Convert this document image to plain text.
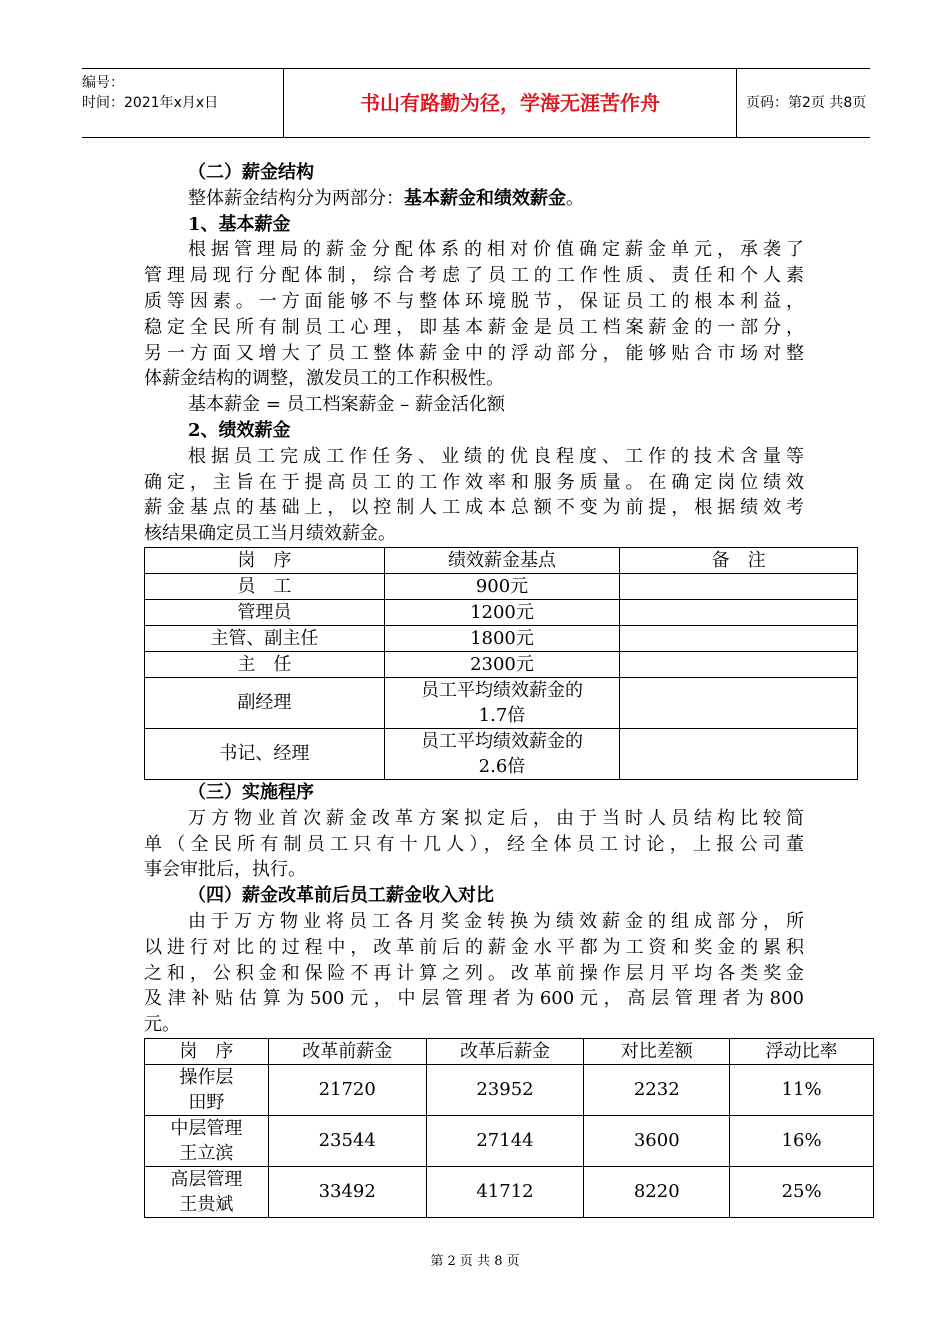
编号：
时间：2021年x月x日	书山有路勤为径，学海无涯苦作舟	页码：第2页 共8页
（二）薪金结构
整体薪金结构分为两部分：基本薪金和绩效薪金。
1、基本薪金
根据管理局的薪金分配体系的相对价值确定薪金单元，承袭了
管理局现行分配体制，综合考虑了员工的工作性质、责任和个人素
质等因素。一方面能够不与整体环境脱节，保证员工的根本利益，
稳定全民所有制员工心理，即基本薪金是员工档案薪金的一部分，
另一方面又增大了员工整体薪金中的浮动部分，能够贴合市场对整
体薪金结构的调整，激发员工的工作积极性。
基本薪金 = 员工档案薪金 – 薪金活化额
2、绩效薪金
根据员工完成工作任务、业绩的优良程度、工作的技术含量等
确定，主旨在于提高员工的工作效率和服务质量。在确定岗位绩效
薪金基点的基础上，以控制人工成本总额不变为前提，根据绩效考
核结果确定员工当月绩效薪金。
岗　序	绩效薪金基点	备　注
员　工	900元	
管理员	1200元	
主管、副主任	1800元	
主　任	2300元	
副经理	员工平均绩效薪金的
1.7倍	

书记、经理	员工平均绩效薪金的
2.6倍	

（三）实施程序
万方物业首次薪金改革方案拟定后，由于当时人员结构比较简
单（全民所有制员工只有十几人），经全体员工讨论，上报公司董
事会审批后，执行。
（四）薪金改革前后员工薪金收入对比
由于万方物业将员工各月奖金转换为绩效薪金的组成部分，所
以进行对比的过程中，改革前后的薪金水平都为工资和奖金的累积
之和，公积金和保险不再计算之列。改革前操作层月平均各类奖金
及津补贴估算为500元，中层管理者为600元，高层管理者为800
元。
岗　序	改革前薪金	改革后薪金	对比差额	浮动比率

操作层
田野	21720	23952	2232	11%

中层管理
王立滨	23544	27144	3600	16%

高层管理
王贵斌	33492	41712	8220	25%
第 2 页 共 8 页
